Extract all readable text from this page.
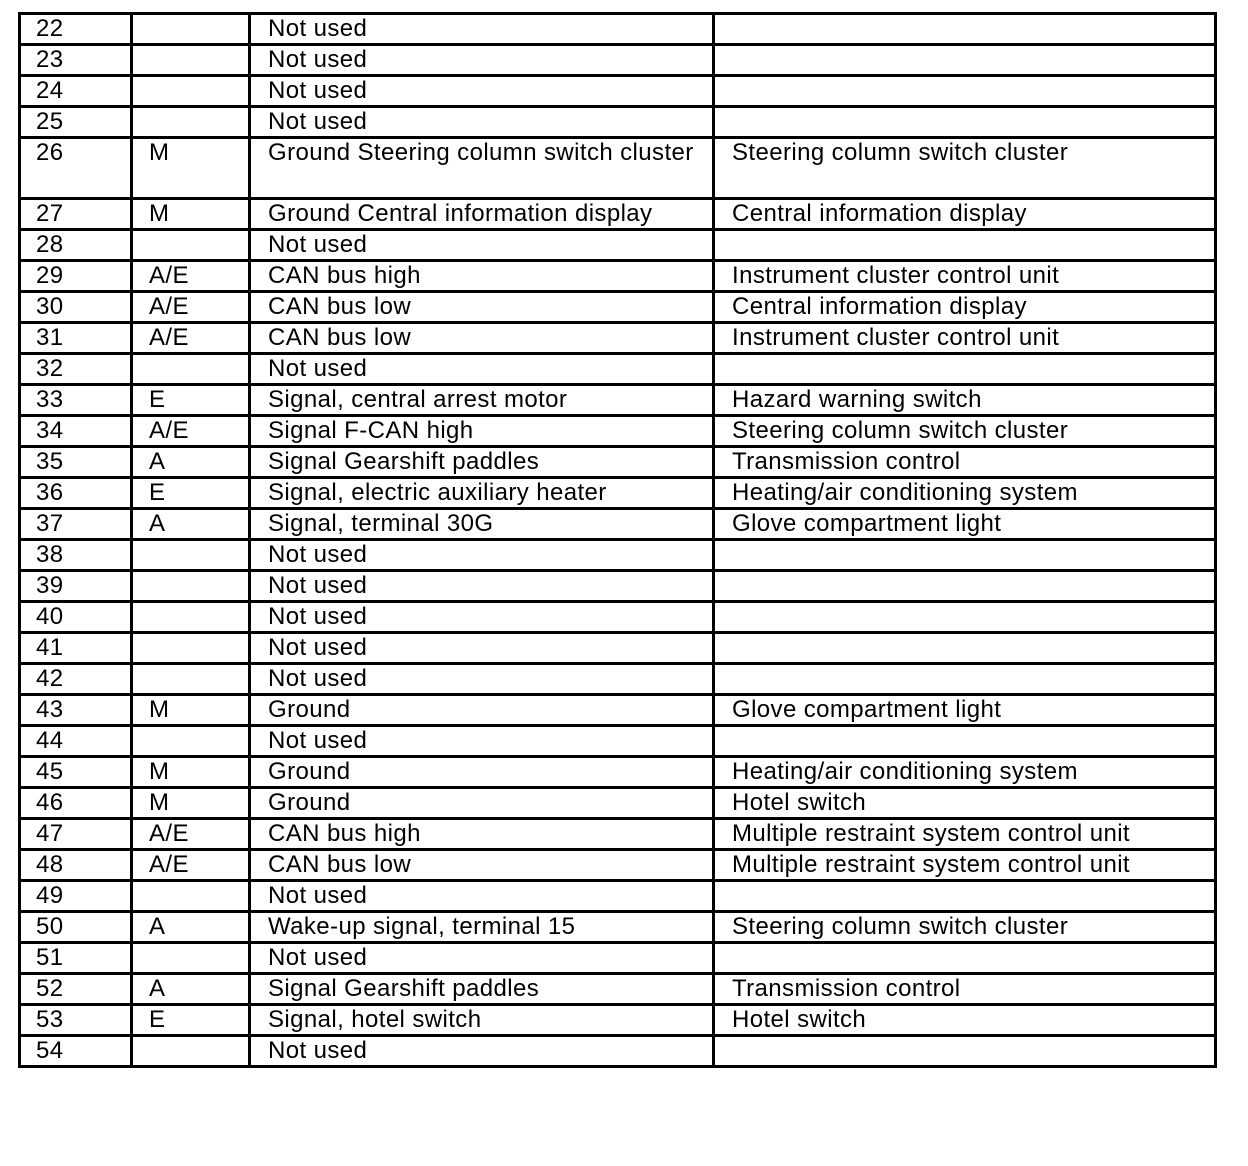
22		Not used	
23		Not used	
24		Not used	
25		Not used	
26	M	Ground Steering column switch cluster	Steering column switch cluster
27	M	Ground Central information display	Central information display
28		Not used	
29	A/E	CAN bus high	Instrument cluster control unit
30	A/E	CAN bus low	Central information display
31	A/E	CAN bus low	Instrument cluster control unit
32		Not used	
33	E	Signal, central arrest motor	Hazard warning switch
34	A/E	Signal F-CAN high	Steering column switch cluster
35	A	Signal Gearshift paddles	Transmission control
36	E	Signal, electric auxiliary heater	Heating/air conditioning system
37	A	Signal, terminal 30G	Glove compartment light
38		Not used	
39		Not used	
40		Not used	
41		Not used	
42		Not used	
43	M	Ground	Glove compartment light
44		Not used	
45	M	Ground	Heating/air conditioning system
46	M	Ground	Hotel switch
47	A/E	CAN bus high	Multiple restraint system control unit
48	A/E	CAN bus low	Multiple restraint system control unit
49		Not used	
50	A	Wake-up signal, terminal 15	Steering column switch cluster
51		Not used	
52	A	Signal Gearshift paddles	Transmission control
53	E	Signal, hotel switch	Hotel switch
54		Not used	
